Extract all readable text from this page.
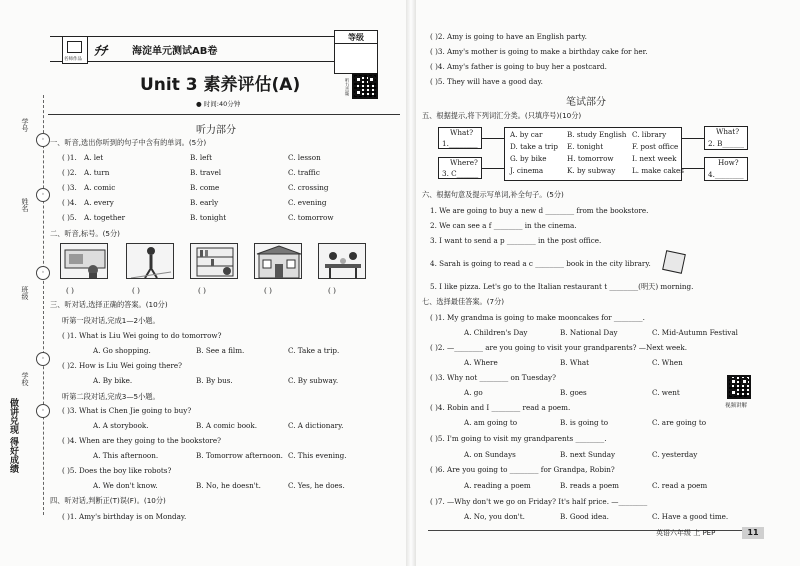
学号
姓名
班级
学校
◦
◦
◦
◦
◦
做讲兑现 得好成绩
名师作品
ﾁﾁ	海淀单元测试AB卷
等级
听力音频
Unit 3 素养评估(A)
● 时间:40分钟
听力部分
一、听音,选出你听到的句子中含有的单词。(5分)
( )1. A. let	B. left	C. lesson
( )2. A. turn	B. travel	C. traffic
( )3. A. comic	B. come	C. crossing
( )4. A. every	B. early	C. evening
( )5. A. together	B. tonight	C. tomorrow
二、听音,标号。(5分)
( )	( )	( )	( )	( )
三、听对话,选择正确的答案。(10分)
听第一段对话,完成1—2小题。
( )1. What is Liu Wei going to do tomorrow?
A. Go shopping.	B. See a film.	C. Take a trip.
( )2. How is Liu Wei going there?
A. By bike.	B. By bus.	C. By subway.
听第二段对话,完成3—5小题。
( )3. What is Chen Jie going to buy?
A. A storybook.	B. A comic book.	C. A dictionary.
( )4. When are they going to the bookstore?
A. This afternoon.	B. Tomorrow afternoon. C. This evening.
( )5. Does the boy like robots?
A. We don't know.	B. No, he doesn't.	C. Yes, he does.
四、听对话,判断正(T)误(F)。(10分)
( )1. Amy's birthday is on Monday.
( )2. Amy is going to have an English party.
( )3. Amy's mother is going to make a birthday cake for her.
( )4. Amy's father is going to buy her a postcard.
( )5. They will have a good day.
笔试部分
五、根据提示,将下列词汇分类。(只填序号)(10分)
What?
1.________
Where?
3. C______
A. by car	B. study English C. library
D. take a trip E. tonight	F. post office
G. by bike	H. tomorrow	I. next week
J. cinema	K. by subway L. make cakes
What?
2. B______
How?
4.________
六、根据句意及提示写单词,补全句子。(5分)
1. We are going to buy a new d ________ from the bookstore.
2. We can see a f ________ in the cinema.
3. I want to send a p ________ in the post office.
4. Sarah is going to read a c ________ book in the city library.
5. I like pizza. Let's go to the Italian restaurant t ________(明天) morning.
七、选择最佳答案。(7分)
( )1. My grandma is going to make mooncakes for ________.
A. Children's Day	B. National Day	C. Mid-Autumn Festival
( )2. —________ are you going to visit your grandparents? —Next week.
A. Where	B. What	C. When
( )3. Why not ________ on Tuesday?
A. go	B. goes	C. went
视频讲解
( )4. Robin and I ________ read a poem.
A. am going to	B. is going to	C. are going to
( )5. I'm going to visit my grandparents ________.
A. on Sundays	B. next Sunday	C. yesterday
( )6. Are you going to ________ for Grandpa, Robin?
A. reading a poem	B. reads a poem	C. read a poem
( )7. —Why don't we go on Friday? It's half price. —________
A. No, you don't.	B. Good idea.	C. Have a good time.
英语六年级 上 PEP	11
